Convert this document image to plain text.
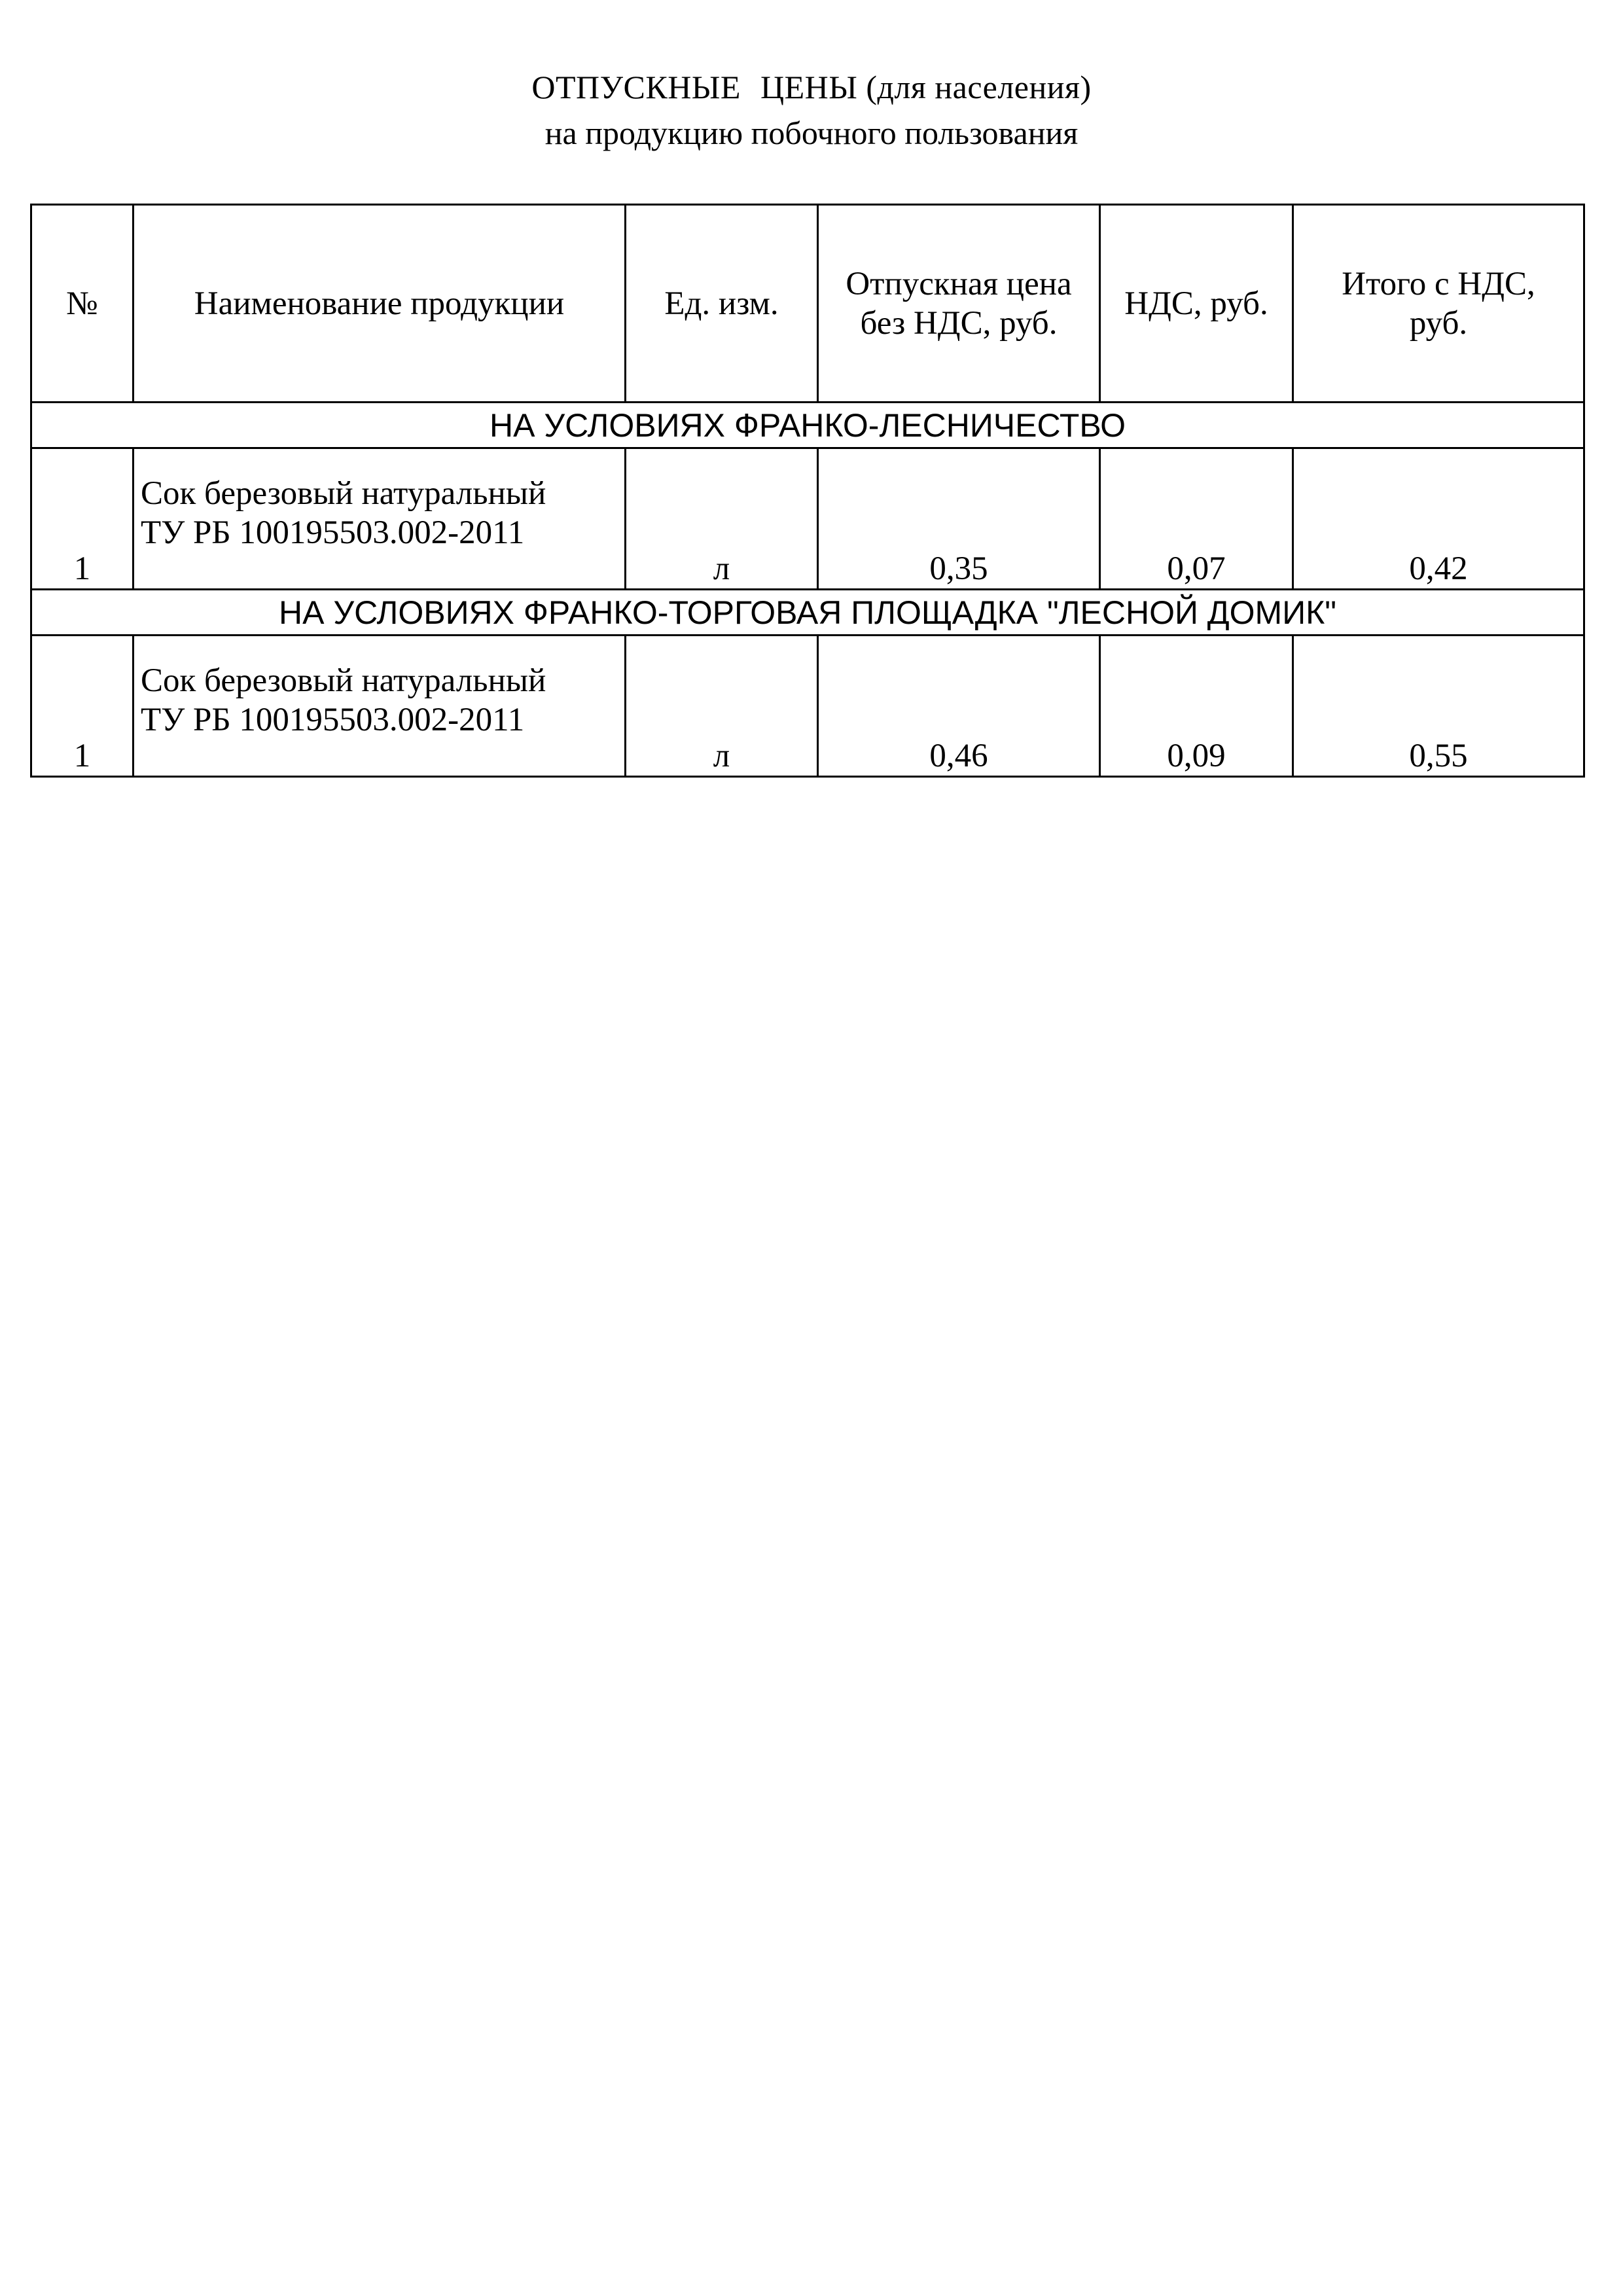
ОТПУСКНЫЕ ЦЕНЫ (для населения)
на продукцию побочного пользования
№	Наименование продукции	Ед. изм.	Отпускная цена
без НДС, руб.	НДС, руб.	Итого с НДС,
руб.

НА УСЛОВИЯХ ФРАНКО-ЛЕСНИЧЕСТВО					
1	Сок березовый натуральный
ТУ РБ 100195503.002-2011	л	0,35	0,07	0,42
НА УСЛОВИЯХ ФРАНКО-ТОРГОВАЯ ПЛОЩАДКА "ЛЕСНОЙ ДОМИК"					
1	Сок березовый натуральный
ТУ РБ 100195503.002-2011	л	0,46	0,09	0,55
